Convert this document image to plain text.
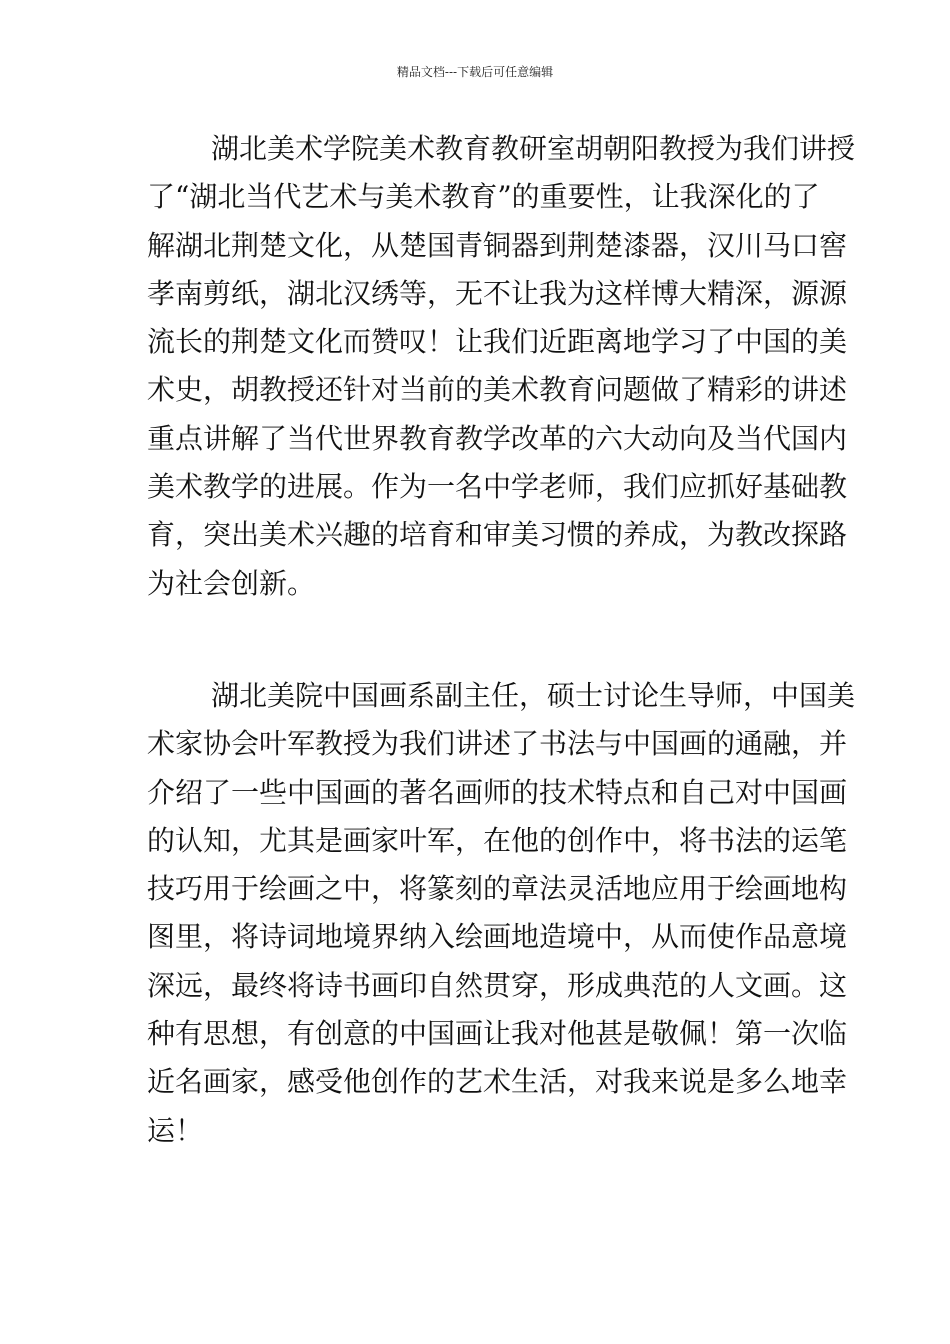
精品文档---下载后可任意编辑
湖北美术学院美术教育教研室胡朝阳教授为我们讲授
了“湖北当代艺术与美术教育”的重要性，让我深化的了
解湖北荆楚文化，从楚国青铜器到荆楚漆器，汉川马口窖
孝南剪纸，湖北汉绣等，无不让我为这样博大精深，源源
流长的荆楚文化而赞叹！让我们近距离地学习了中国的美
术史，胡教授还针对当前的美术教育问题做了精彩的讲述
重点讲解了当代世界教育教学改革的六大动向及当代国内
美术教学的进展。作为一名中学老师，我们应抓好基础教
育，突出美术兴趣的培育和审美习惯的养成，为教改探路
为社会创新。
湖北美院中国画系副主任，硕士讨论生导师，中国美
术家协会叶军教授为我们讲述了书法与中国画的通融，并
介绍了一些中国画的著名画师的技术特点和自己对中国画
的认知，尤其是画家叶军，在他的创作中，将书法的运笔
技巧用于绘画之中，将篆刻的章法灵活地应用于绘画地构
图里，将诗词地境界纳入绘画地造境中，从而使作品意境
深远，最终将诗书画印自然贯穿，形成典范的人文画。这
种有思想，有创意的中国画让我对他甚是敬佩！第一次临
近名画家，感受他创作的艺术生活，对我来说是多么地幸
运！
